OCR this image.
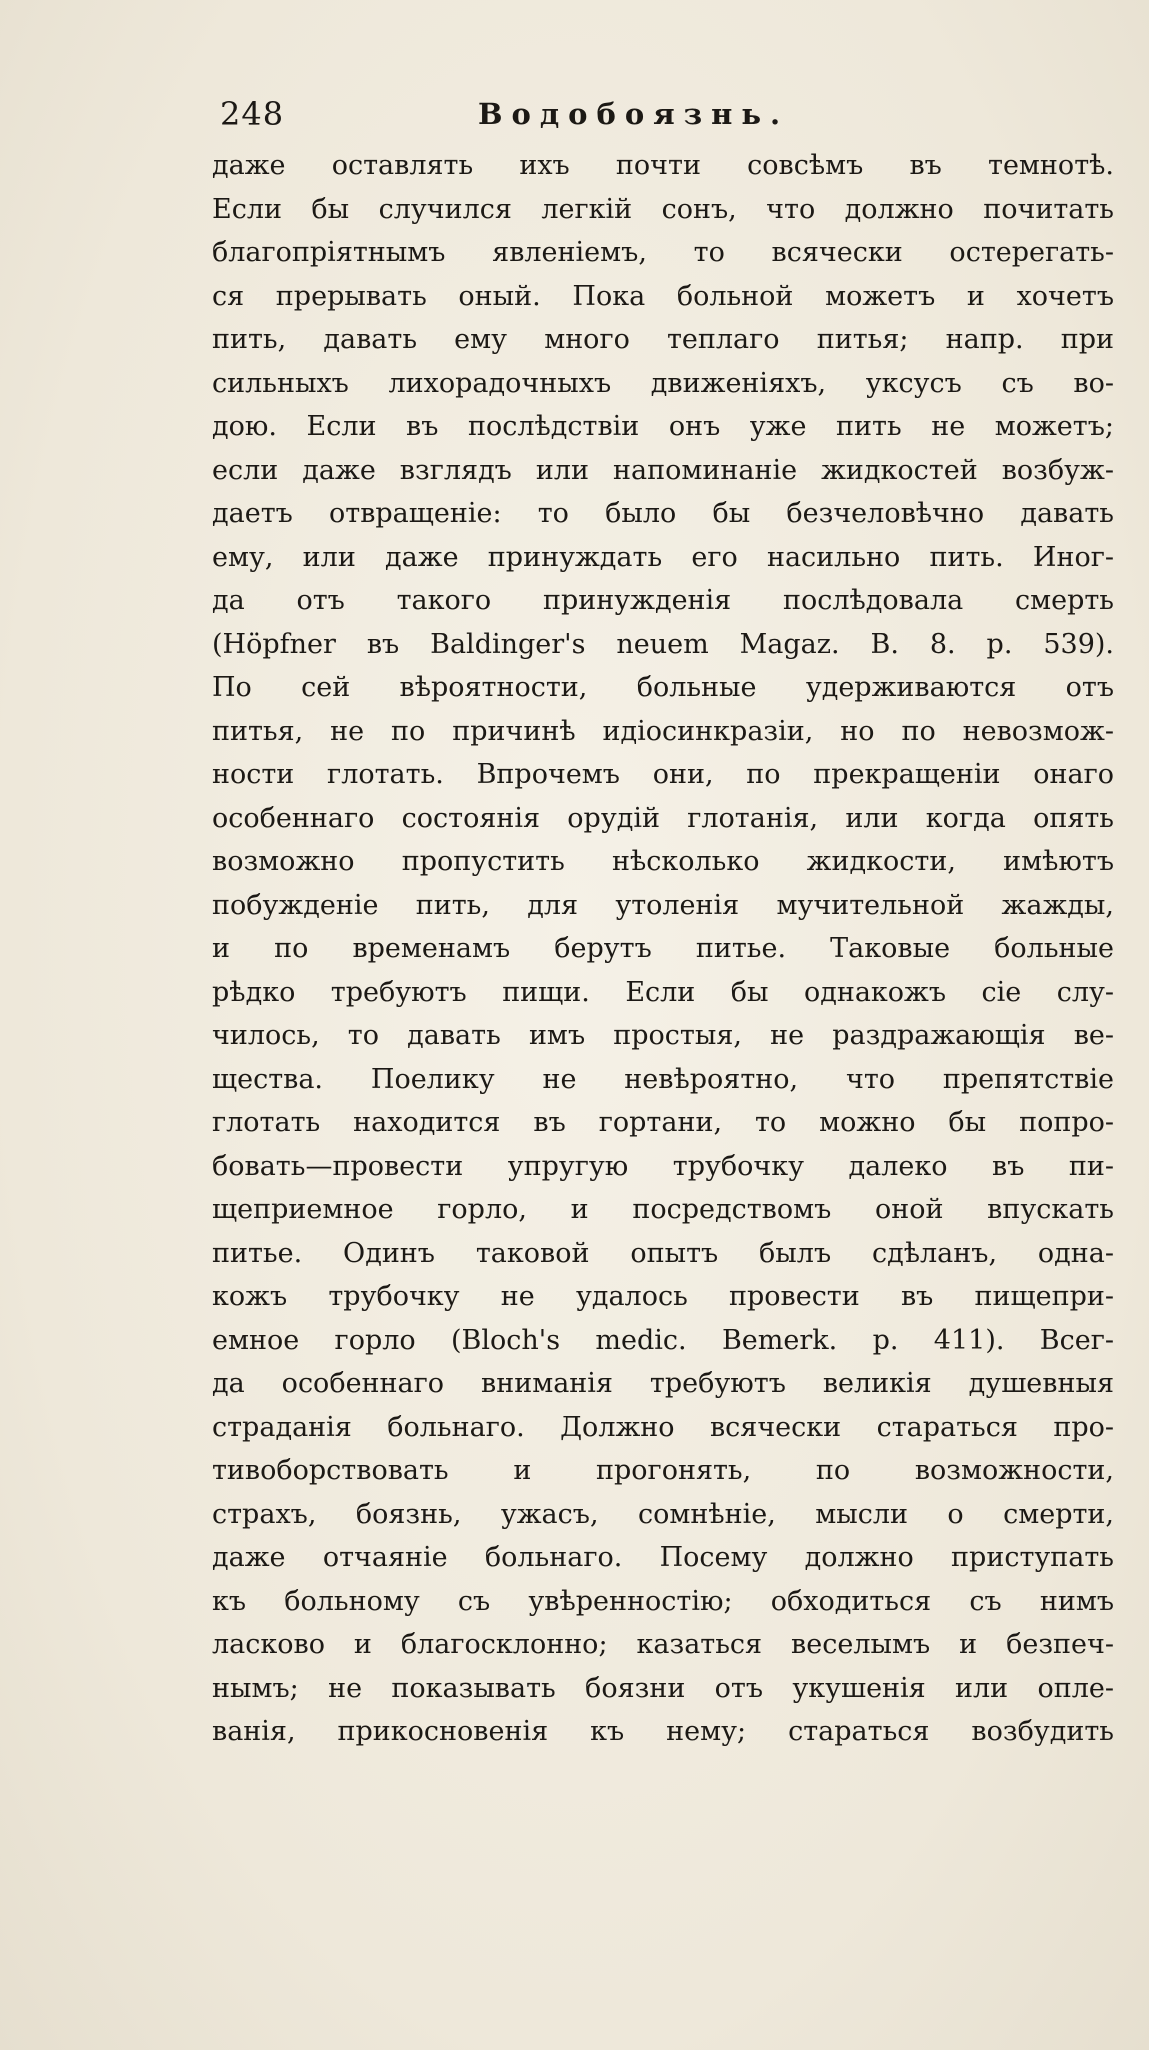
248	Водобоязнь.
даже оставлять ихъ почти совсѣмъ въ темнотѣ.
Если бы случился легкій сонъ, что должно почитать
благопріятнымъ явленіемъ, то всячески остерегать-
ся прерывать оный. Пока больной можетъ и хочетъ
пить, давать ему много теплаго питья; напр. при
сильныхъ лихорадочныхъ движеніяхъ, уксусъ съ во-
дою. Если въ послѣдствіи онъ уже пить не можетъ;
если даже взглядъ или напоминаніе жидкостей возбуж-
даетъ отвращеніе: то было бы безчеловѣчно давать
ему, или даже принуждать его насильно пить. Иног-
да отъ такого принужденія послѣдовала смерть
(Höpfner въ Baldinger's neuem Magaz. B. 8. p. 539).
По сей вѣроятности, больные удерживаются отъ
питья, не по причинѣ идіосинкразіи, но по невозмож-
ности глотать. Впрочемъ они, по прекращеніи онаго
особеннаго состоянія орудій глотанія, или когда опять
возможно пропустить нѣсколько жидкости, имѣютъ
побужденіе пить, для утоленія мучительной жажды,
и по временамъ берутъ питье. Таковые больные
рѣдко требуютъ пищи. Если бы однакожъ сіе слу-
чилось, то давать имъ простыя, не раздражающія ве-
щества. Поелику не невѣроятно, что препятствіе
глотать находится въ гортани, то можно бы попро-
бовать—провести упругую трубочку далеко въ пи-
щеприемное горло, и посредствомъ оной впускать
питье. Одинъ таковой опытъ былъ сдѣланъ, одна-
кожъ трубочку не удалось провести въ пищепри-
емное горло (Bloch's medic. Bemerk. p. 411). Всег-
да особеннаго вниманія требуютъ великія душевныя
страданія больнаго. Должно всячески стараться про-
тивоборствовать и прогонять, по возможности,
страхъ, боязнь, ужасъ, сомнѣніе, мысли о смерти,
даже отчаяніе больнаго. Посему должно приступать
къ больному съ увѣренностію; обходиться съ нимъ
ласково и благосклонно; казаться веселымъ и безпеч-
нымъ; не показывать боязни отъ укушенія или опле-
ванія, прикосновенія къ нему; стараться возбудить
